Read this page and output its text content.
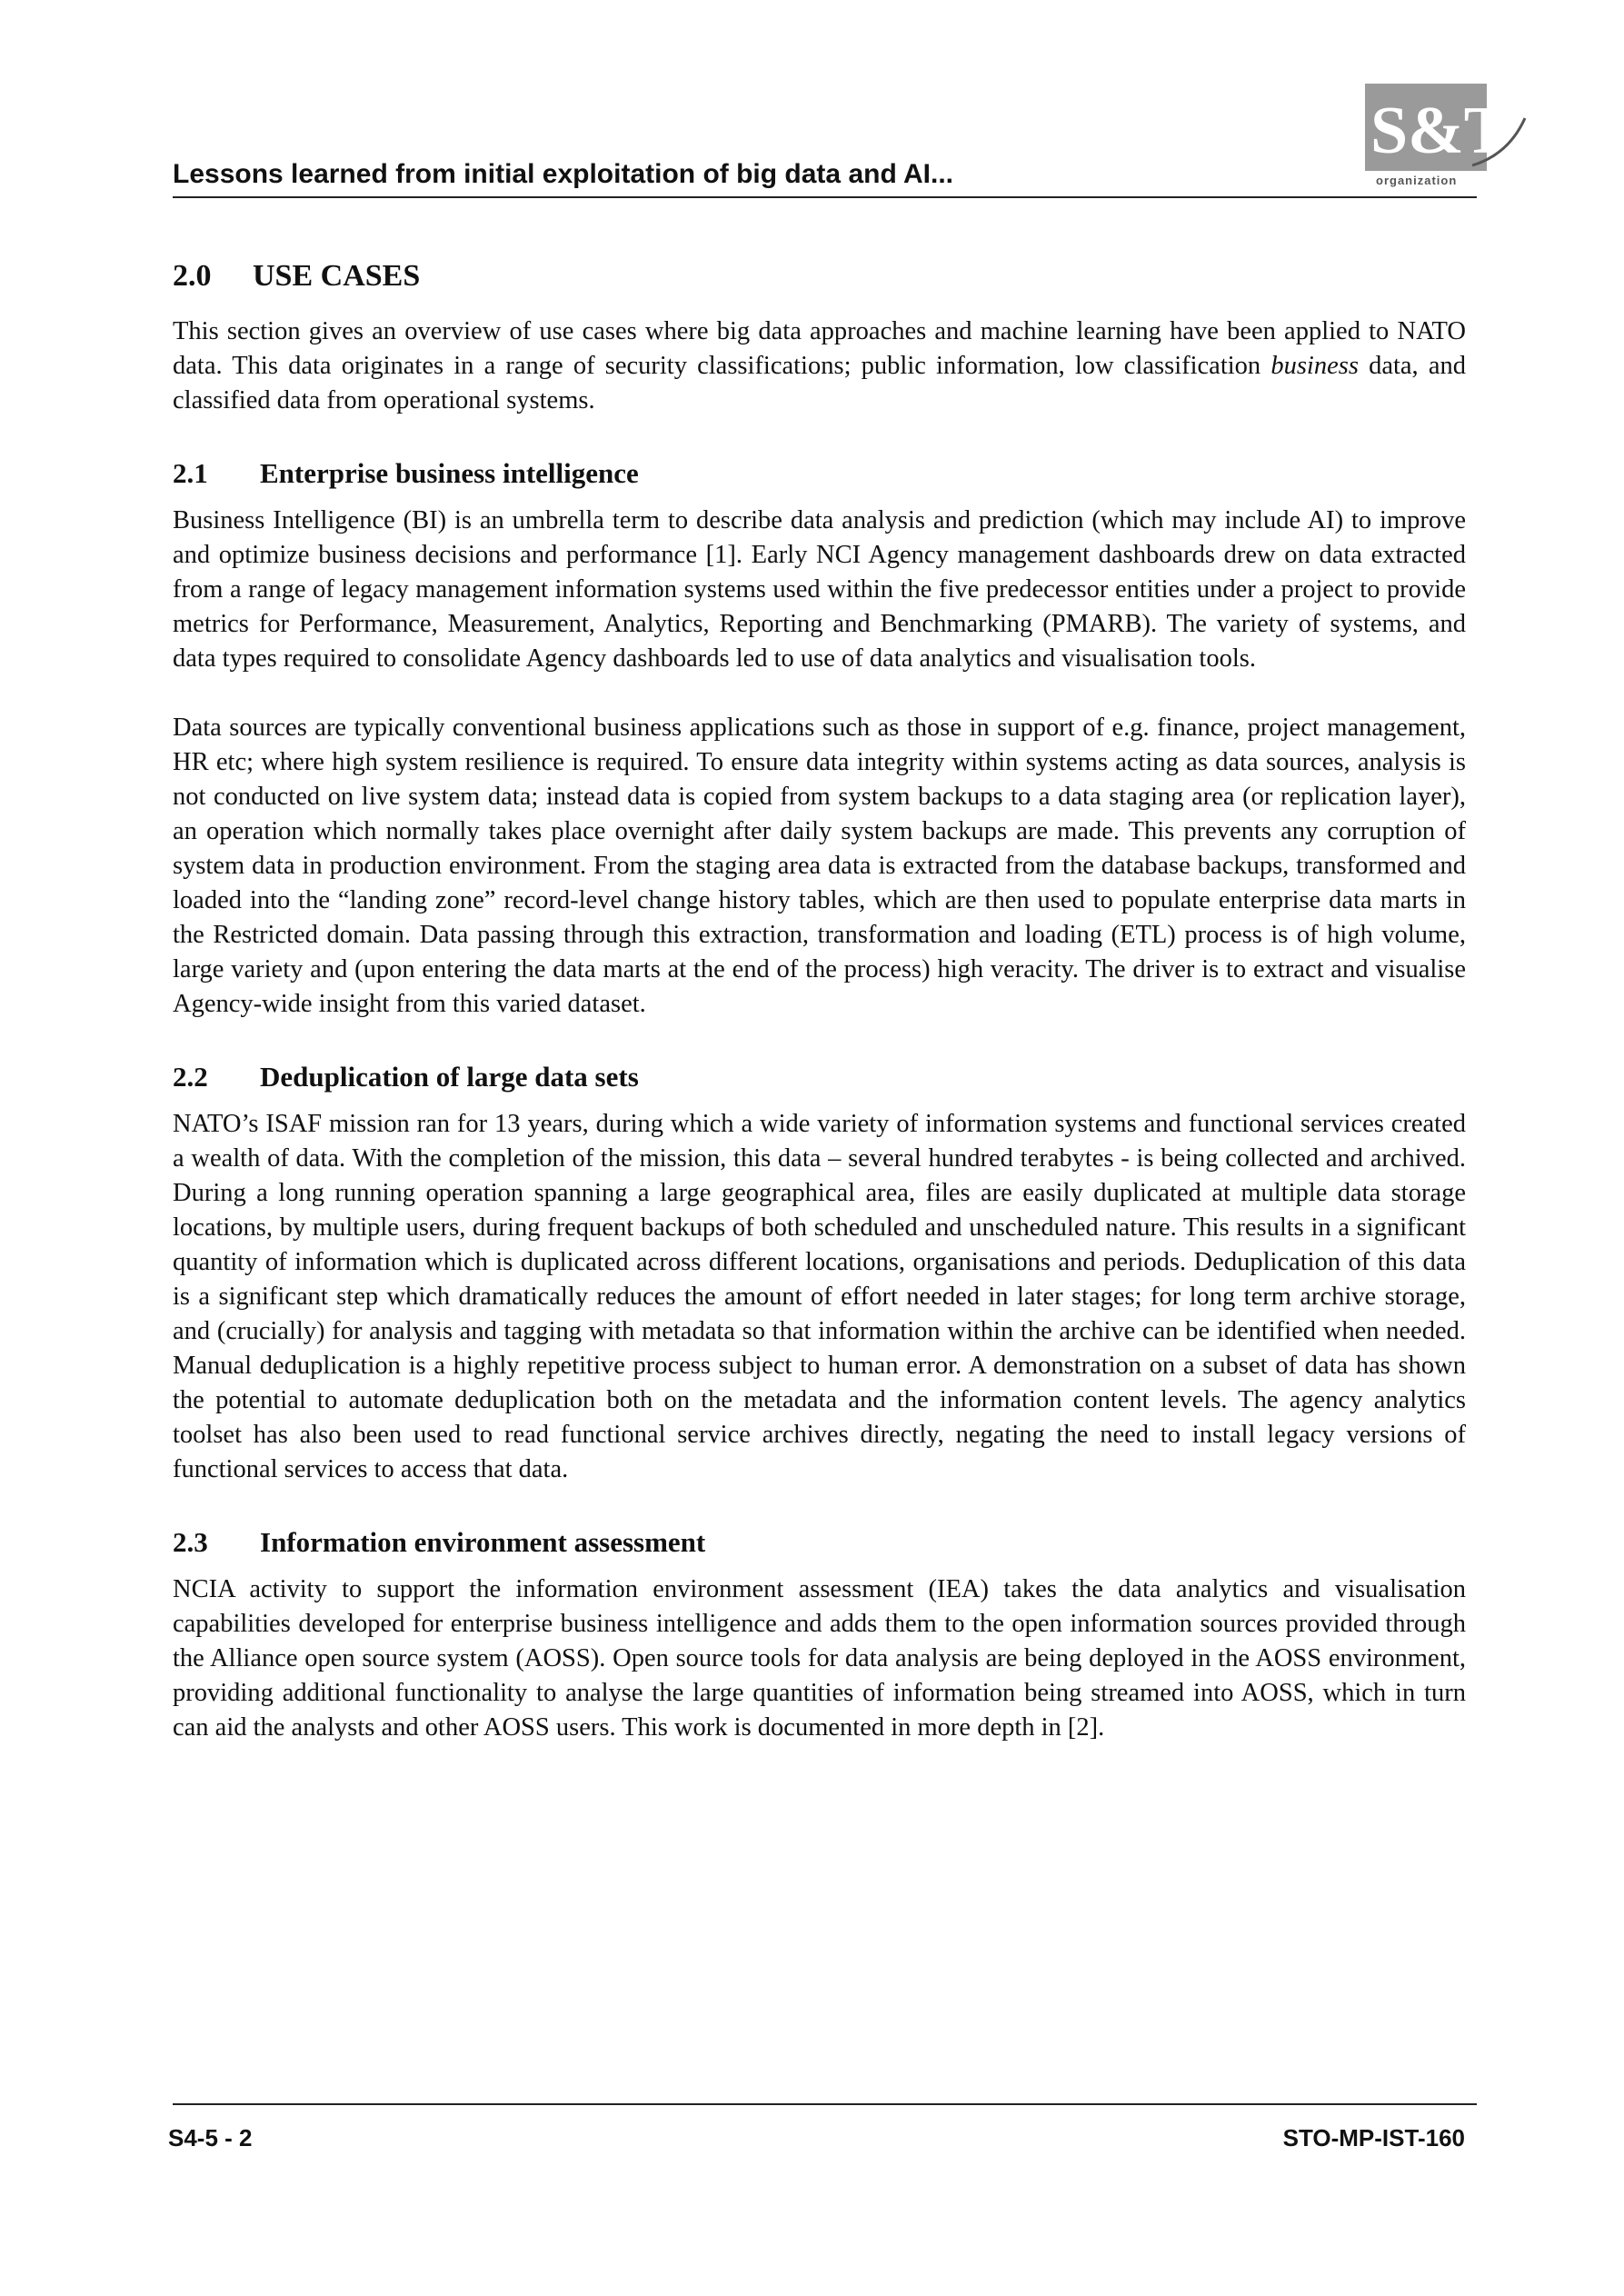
Lessons learned from initial exploitation of big data and AI...
S&T
organization
2.0 USE CASES

This section gives an overview of use cases where big data approaches and machine learning have been applied to NATO data. This data originates in a range of security classifications; public information, low classification business data, and classified data from operational systems.

2.1 Enterprise business intelligence

Business Intelligence (BI) is an umbrella term to describe data analysis and prediction (which may include AI) to improve and optimize business decisions and performance [1]. Early NCI Agency management dashboards drew on data extracted from a range of legacy management information systems used within the five predecessor entities under a project to provide metrics for Performance, Measurement, Analytics, Reporting and Benchmarking (PMARB). The variety of systems, and data types required to consolidate Agency dashboards led to use of data analytics and visualisation tools.

Data sources are typically conventional business applications such as those in support of e.g. finance, project management, HR etc; where high system resilience is required. To ensure data integrity within systems acting as data sources, analysis is not conducted on live system data; instead data is copied from system backups to a data staging area (or replication layer), an operation which normally takes place overnight after daily system backups are made. This prevents any corruption of system data in production environment. From the staging area data is extracted from the database backups, transformed and loaded into the “landing zone” record-level change history tables, which are then used to populate enterprise data marts in the Restricted domain. Data passing through this extraction, transformation and loading (ETL) process is of high volume, large variety and (upon entering the data marts at the end of the process) high veracity. The driver is to extract and visualise Agency-wide insight from this varied dataset.

2.2 Deduplication of large data sets

NATO’s ISAF mission ran for 13 years, during which a wide variety of information systems and functional services created a wealth of data. With the completion of the mission, this data – several hundred terabytes - is being collected and archived. During a long running operation spanning a large geographical area, files are easily duplicated at multiple data storage locations, by multiple users, during frequent backups of both scheduled and unscheduled nature. This results in a significant quantity of information which is duplicated across different locations, organisations and periods. Deduplication of this data is a significant step which dramatically reduces the amount of effort needed in later stages; for long term archive storage, and (crucially) for analysis and tagging with metadata so that information within the archive can be identified when needed. Manual deduplication is a highly repetitive process subject to human error. A demonstration on a subset of data has shown the potential to automate deduplication both on the metadata and the information content levels. The agency analytics toolset has also been used to read functional service archives directly, negating the need to install legacy versions of functional services to access that data.

2.3 Information environment assessment

NCIA activity to support the information environment assessment (IEA) takes the data analytics and visualisation capabilities developed for enterprise business intelligence and adds them to the open information sources provided through the Alliance open source system (AOSS). Open source tools for data analysis are being deployed in the AOSS environment, providing additional functionality to analyse the large quantities of information being streamed into AOSS, which in turn can aid the analysts and other AOSS users. This work is documented in more depth in [2].

S4-5 - 2	STO-MP-IST-160
